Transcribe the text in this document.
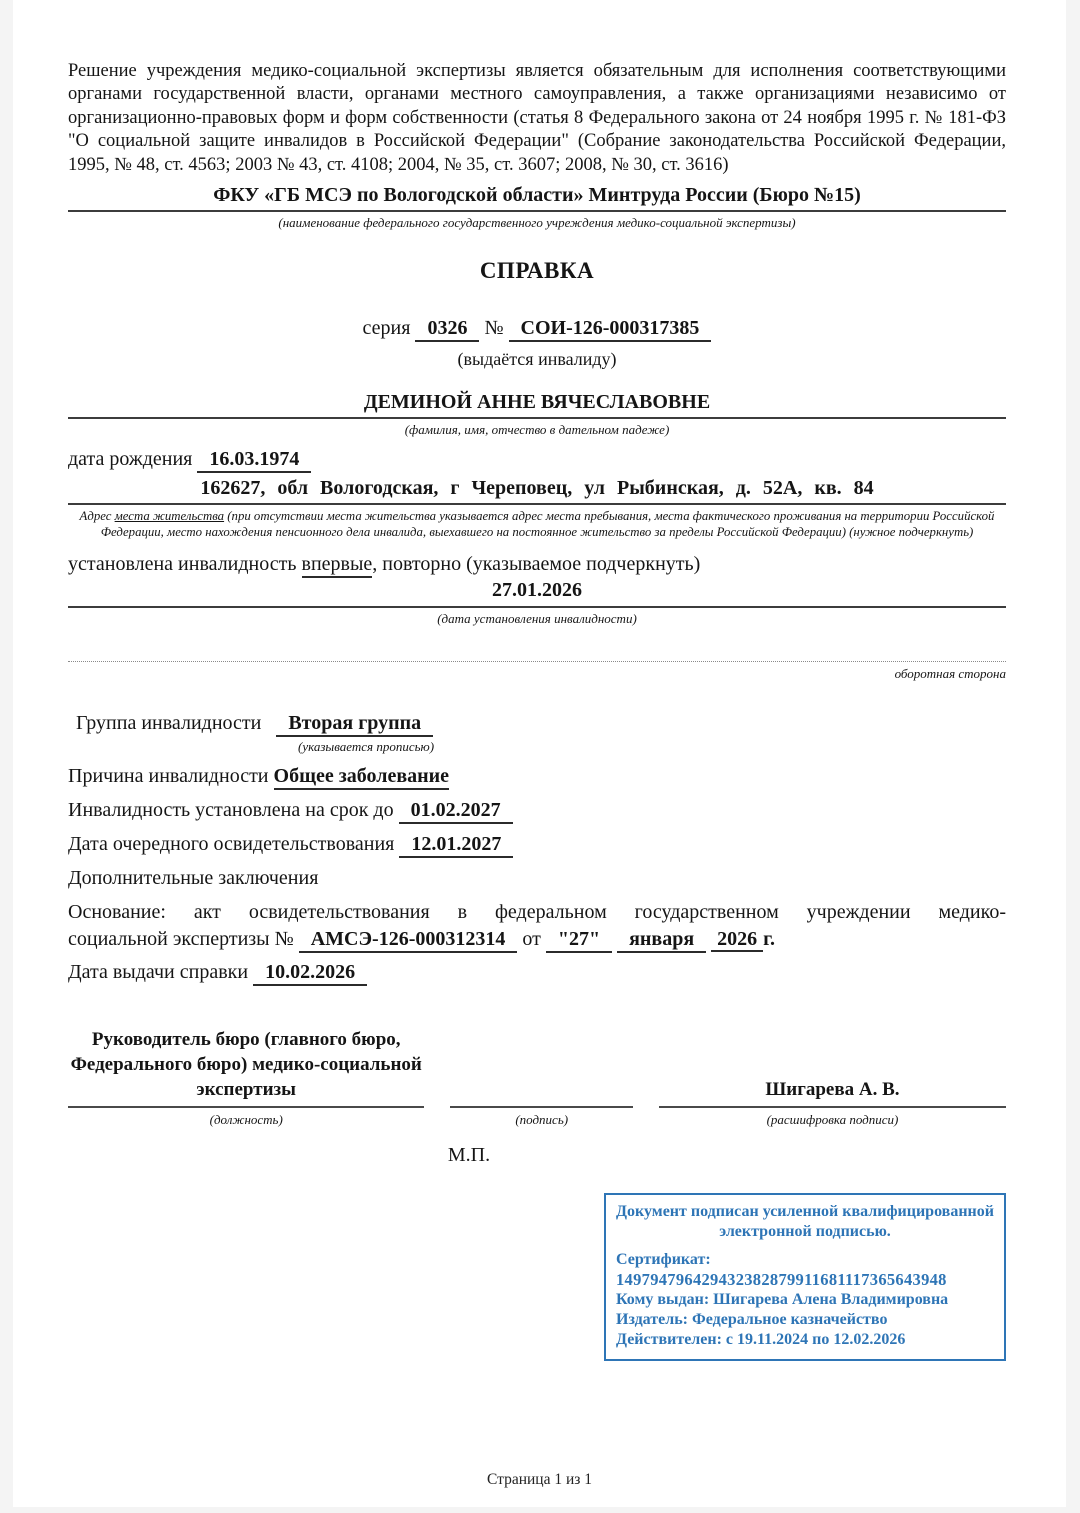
Решение учреждения медико-социальной экспертизы является обязательным для исполнения соответствующими органами государственной власти, органами местного самоуправления, а также организациями независимо от организационно-правовых форм и форм собственности (статья 8 Федерального закона от 24 ноября 1995 г. № 181-ФЗ "О социальной защите инвалидов в Российской Федерации" (Собрание законодательства Российской Федерации, 1995, № 48, ст. 4563; 2003 № 43, ст. 4108; 2004, № 35, ст. 3607; 2008, № 30, ст. 3616)
ФКУ «ГБ МСЭ по Вологодской области» Минтруда России (Бюро №15)
(наименование федерального государственного учреждения медико-социальной экспертизы)
СПРАВКА
серия 0326 № СОИ-126-000317385
(выдаётся инвалиду)
ДЕМИНОЙ АННЕ ВЯЧЕСЛАВОВНЕ
(фамилия, имя, отчество в дательном падеже)
дата рождения 16.03.1974
162627, обл Вологодская, г Череповец, ул Рыбинская, д. 52А, кв. 84
Адрес места жительства (при отсутствии места жительства указывается адрес места пребывания, места фактического проживания на территории Российской Федерации, место нахождения пенсионного дела инвалида, выехавшего на постоянное жительство за пределы Российской Федерации) (нужное подчеркнуть)
установлена инвалидность впервые, повторно (указываемое подчеркнуть)
27.01.2026
(дата установления инвалидности)
оборотная сторона
Группа инвалидности Вторая группа
(указывается прописью)
Причина инвалидности Общее заболевание
Инвалидность установлена на срок до 01.02.2027
Дата очередного освидетельствования 12.01.2027
Дополнительные заключения
Основание: акт освидетельствования в федеральном государственном учреждении медико-
социальной экспертизы № АМСЭ-126-000312314 от "27" января 2026 г.
Дата выдачи справки 10.02.2026
Руководитель бюро (главного бюро, Федерального бюро) медико-социальной экспертизы
(должность)
	(подпись)
Шигарева А. В.
(расшифровка подписи)
М.П.
Документ подписан усиленной квалифицированной электронной подписью.
Сертификат:
149794796429432382879911681117365643948
Кому выдан: Шигарева Алена Владимировна
Издатель: Федеральное казначейство
Действителен: с 19.11.2024 по 12.02.2026
Страница 1 из 1
